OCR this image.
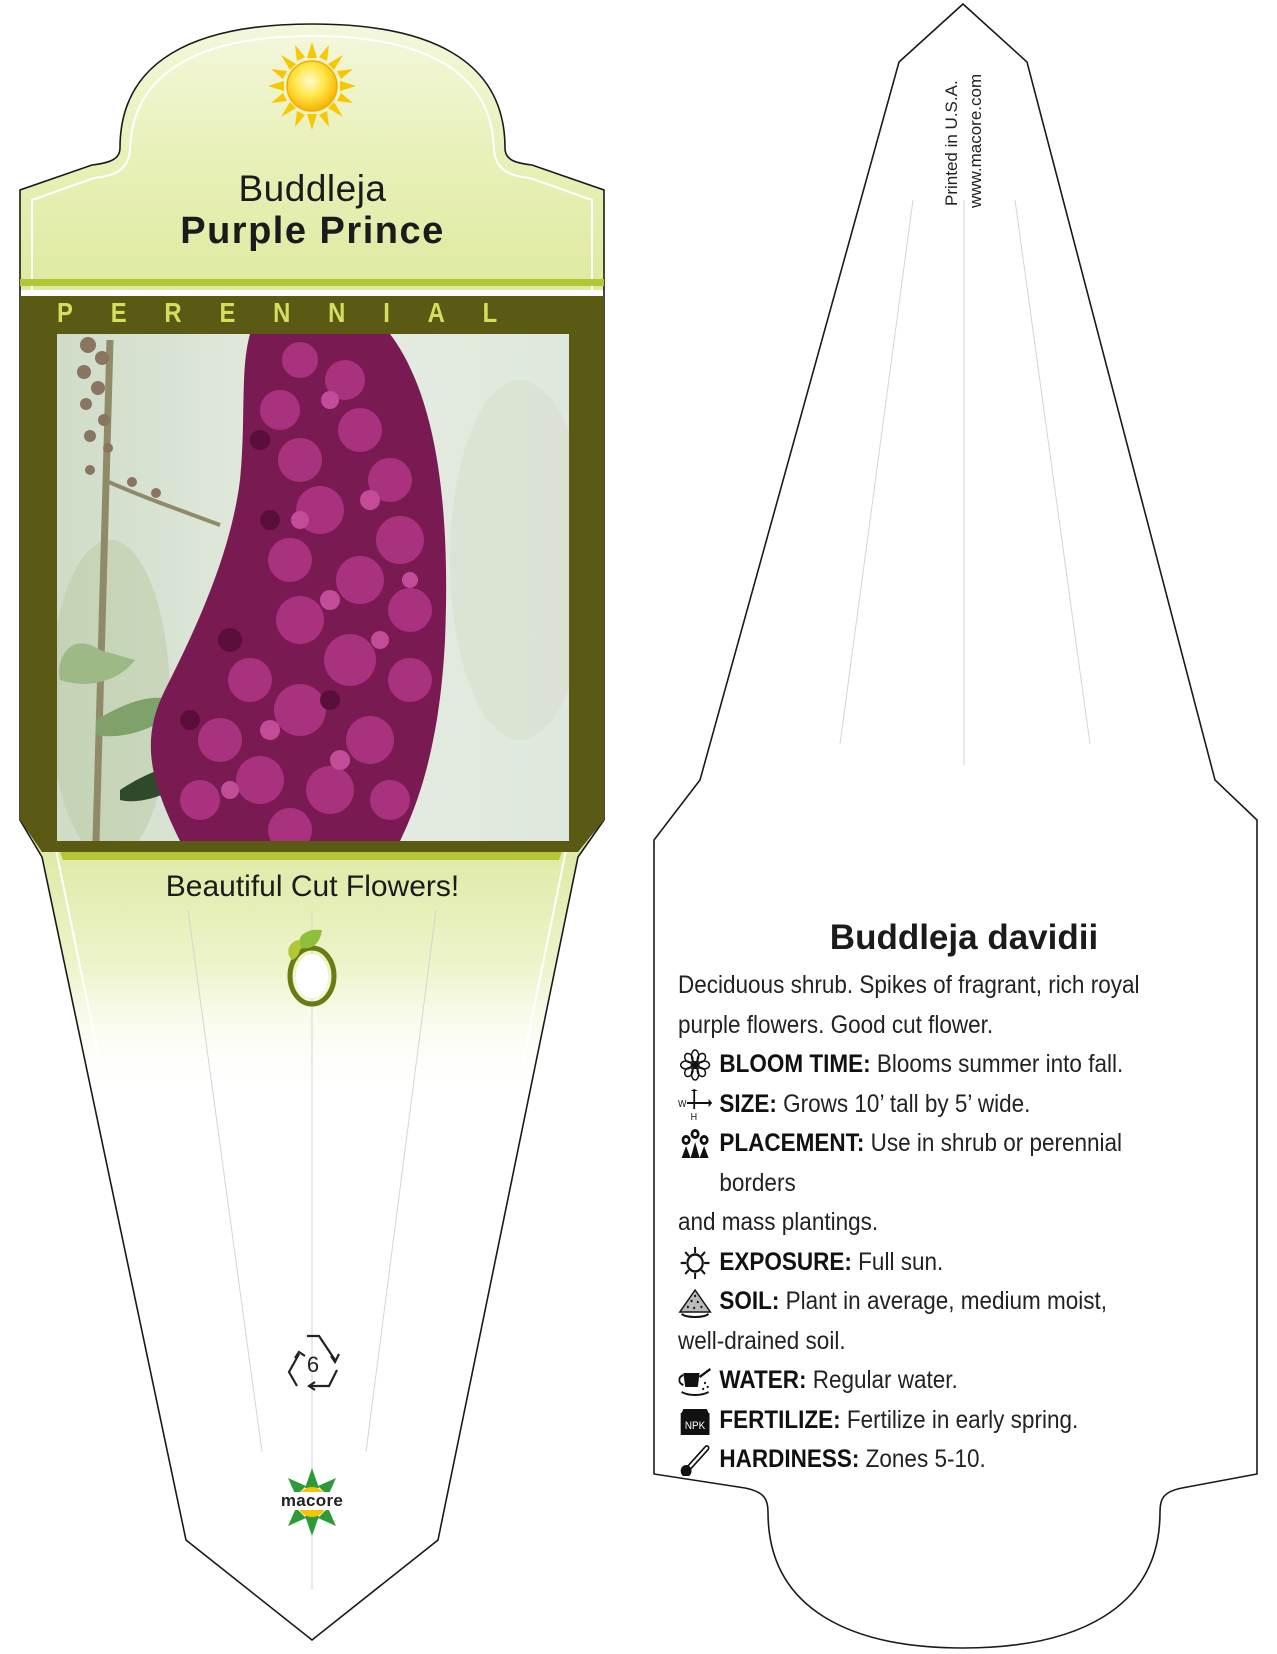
Buddleja
Purple Prince
P E R E N N I A L
Beautiful Cut Flowers!
6
macore
Printed in U.S.A. www.macore.com
Buddleja davidii

Deciduous shrub. Spikes of fragrant, rich royal purple flowers. Good cut flower.

BLOOM TIME: Blooms summer into fall.

W
H SIZE: Grows 10’ tall by 5’ wide.

PLACEMENT: Use in shrub or perennial borders

and mass plantings.

EXPOSURE: Full sun.

SOIL: Plant in average, medium moist,

well-drained soil.

WATER: Regular water.

NPK FERTILIZE: Fertilize in early spring.

HARDINESS: Zones 5-10.
